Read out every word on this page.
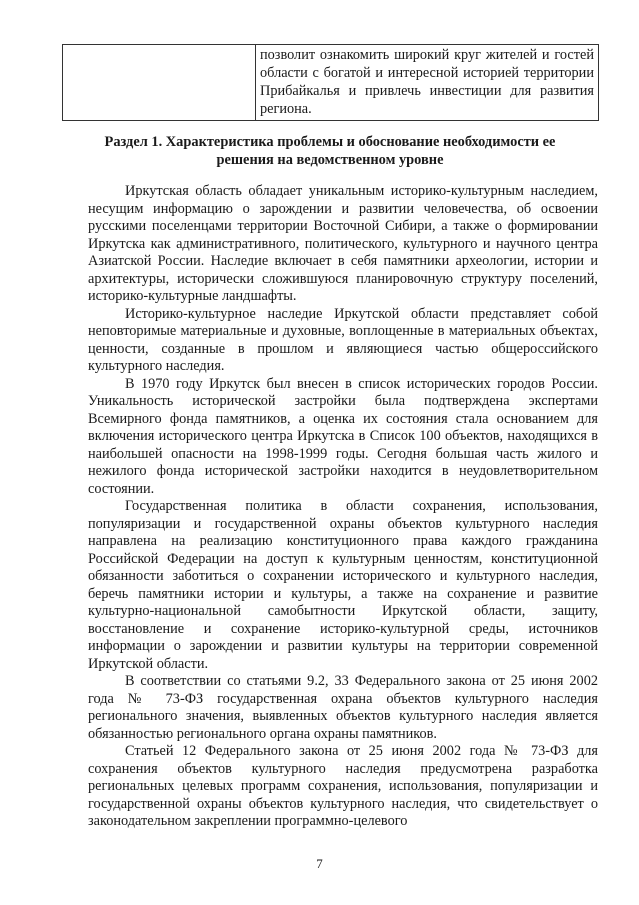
	позволит ознакомить широкий круг жителей и гостей области с богатой и интересной историей территории Прибайкалья и привлечь инвестиции для развития региона.
Раздел 1. Характеристика проблемы и обоснование необходимости ее
решения на ведомственном уровне

Иркутская область обладает уникальным историко-культурным наследием, несущим информацию о зарождении и развитии человечества, об освоении русскими поселенцами территории Восточной Сибири, а также о формировании Иркутска как административного, политического, культурного и научного центра Азиатской России. Наследие включает в себя памятники археологии, истории и архитектуры, исторически сложившуюся планировочную структуру поселений, историко-культурные ландшафты.

Историко-культурное наследие Иркутской области представляет собой неповторимые материальные и духовные, воплощенные в материальных объектах, ценности, созданные в прошлом и являющиеся частью общероссийского культурного наследия.

В 1970 году Иркутск был внесен в список исторических городов России. Уникальность исторической застройки была подтверждена экспертами Всемирного фонда памятников, а оценка их состояния стала основанием для включения исторического центра Иркутска в Список 100 объектов, находящихся в наибольшей опасности на 1998-1999 годы. Сегодня большая часть жилого и нежилого фонда исторической застройки находится в неудовлетворительном состоянии.

Государственная политика в области сохранения, использования, популяризации и государственной охраны объектов культурного наследия направлена на реализацию конституционного права каждого гражданина Российской Федерации на доступ к культурным ценностям, конституционной обязанности заботиться о сохранении исторического и культурного наследия, беречь памятники истории и культуры, а также на сохранение и развитие культурно-национальной самобытности Иркутской области, защиту, восстановление и сохранение историко-культурной среды, источников информации о зарождении и развитии культуры на территории современной Иркутской области.

В соответствии со статьями 9.2, 33 Федерального закона от 25 июня 2002 года № 73-ФЗ государственная охрана объектов культурного наследия регионального значения, выявленных объектов культурного наследия является обязанностью регионального органа охраны памятников.

Статьей 12 Федерального закона от 25 июня 2002 года № 73-ФЗ для сохранения объектов культурного наследия предусмотрена разработка региональных целевых программ сохранения, использования, популяризации и государственной охраны объектов культурного наследия, что свидетельствует о законодательном закреплении программно-целевого

7
